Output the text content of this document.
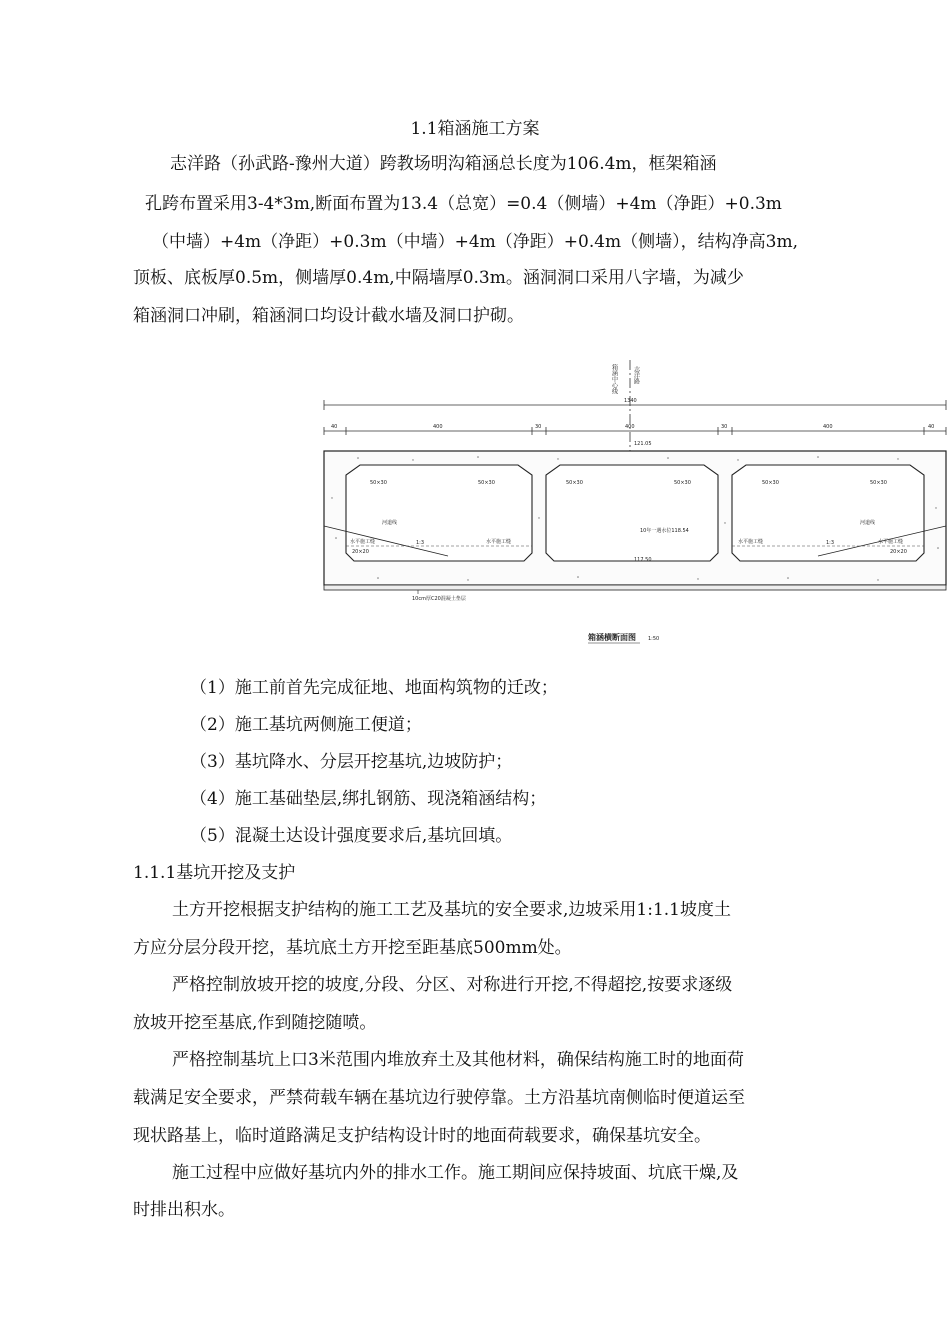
1.1箱涵施工方案
志洋路（孙武路-豫州大道）跨教场明沟箱涵总长度为106.4m，框架箱涵
孔跨布置采用3-4*3m,断面布置为13.4（总宽）=0.4（侧墙）+4m（净距）+0.3m
（中墙）+4m（净距）+0.3m（中墙）+4m（净距）+0.4m（侧墙），结构净高3m,
顶板、底板厚0.5m，侧墙厚0.4m,中隔墙厚0.3m。涵洞洞口采用八字墙，为减少
箱涵洞口冲刷，箱涵洞口均设计截水墙及洞口护砌。
箱涵中心线	志洋路
1340
40	400	30	400	30	400	40
121.05
50×30	50×30	50×30	50×30	50×30	50×30
河道线	河道线
1:3	1:3
水平施工缝	水平施工缝	水平施工缝	水平施工缝
20×20	20×20
10年一遇水位118.54
117.50
10cm厚C20混凝土垫层
箱涵横断面图 1:50
（1）施工前首先完成征地、地面构筑物的迁改；
（2）施工基坑两侧施工便道；
（3）基坑降水、分层开挖基坑,边坡防护；
（4）施工基础垫层,绑扎钢筋、现浇箱涵结构；
（5）混凝土达设计强度要求后,基坑回填。
1.1.1基坑开挖及支护
土方开挖根据支护结构的施工工艺及基坑的安全要求,边坡采用1:1.1坡度土
方应分层分段开挖，基坑底土方开挖至距基底500mm处。
严格控制放坡开挖的坡度,分段、分区、对称进行开挖,不得超挖,按要求逐级
放坡开挖至基底,作到随挖随喷。
严格控制基坑上口3米范围内堆放弃土及其他材料，确保结构施工时的地面荷
载满足安全要求，严禁荷载车辆在基坑边行驶停靠。土方沿基坑南侧临时便道运至
现状路基上，临时道路满足支护结构设计时的地面荷载要求，确保基坑安全。
施工过程中应做好基坑内外的排水工作。施工期间应保持坡面、坑底干燥,及
时排出积水。
